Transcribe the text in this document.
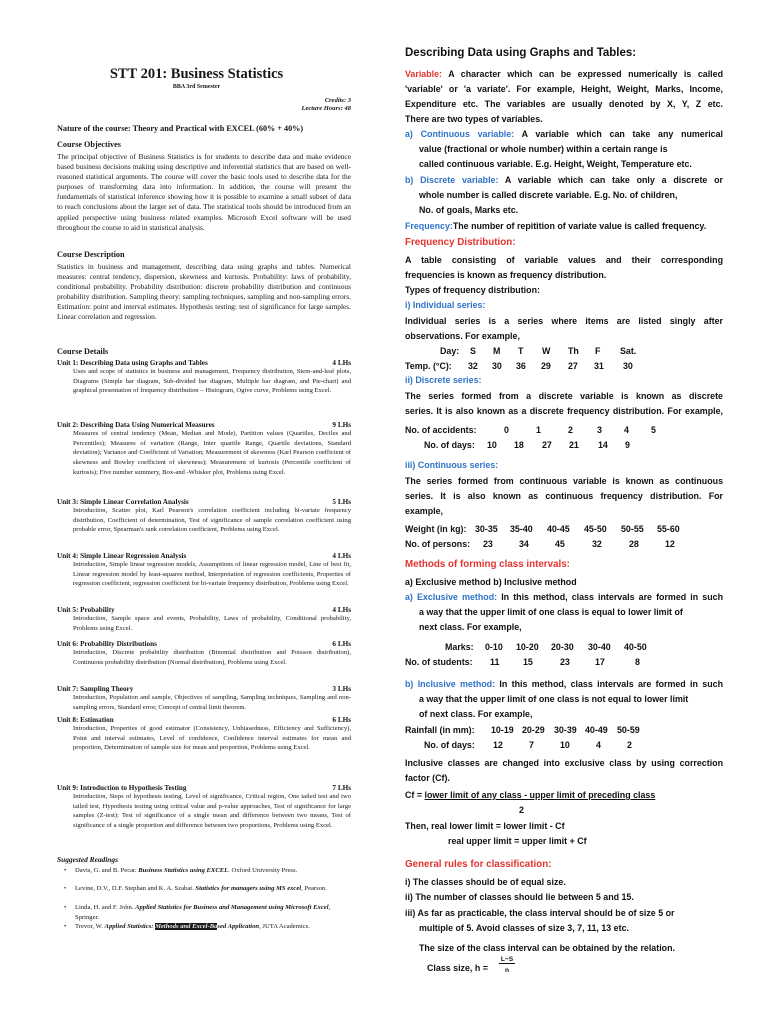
STT 201: Business Statistics
BBA 3rd Semester
Credits: 3
Lecture Hours: 48
Nature of the course: Theory and Practical with EXCEL (60% + 40%)
Course Objectives
The principal objective of Business Statistics is for students to describe data and make evidence based business decisions making using descriptive and inferential statistics that are based on well-reasoned statistical arguments. The course will cover the basic tools used to describe data for the purposes of transforming data into information. In addition, the course will present the fundamentals of statistical inference showing how it is possible to examine a small subset of data to reach conclusions about the larger set of data. The statistical tools should be introduced from an applied perspective using business related examples. Microsoft Excel software will be used throughout the course to aid in statistical analysis.
Course Description
Statistics in business and management, describing data using graphs and tables. Numerical measures: central tendency, dispersion, skewness and kurtosis. Probability: laws of probability, conditional probability. Probability distribution: discrete probability distribution and continuous probability distribution. Sampling theory: sampling techniques, sampling and non-sampling errors. Estimation: point and interval estimates. Hypothesis testing: test of significance for large samples. Linear correlation and regression.
Course Details
Unit 1: Describing Data using Graphs and Tables	4 LHs
Uses and scope of statistics in business and management, Frequency distribution, Stem-and-leaf plots, Diagrams (Simple bar diagram, Sub-divided bar diagram, Multiple bar diagram, and Pie-chart) and graphical presentation of frequency distribution – Histogram, Ogive curve, Problems using Excel.
Unit 2: Describing Data Using Numerical Measures	9 LHs
Measures of central tendency (Mean, Median and Mode), Partition values (Quartiles, Deciles and Percentiles); Measures of variation (Range, Inter quartile Range, Quartile deviations, Standard deviation); Variance and Coefficient of Variation; Measurement of skewness (Karl Pearson coefficient of skewness and Bowley coefficient of skewness); Measurement of kurtosis (Percentile coefficient of kurtosis); Five number summery, Box-and -Whisker plot, Problems using Excel.
Unit 3: Simple Linear Correlation Analysis	5 LHs
Introduction, Scatter plot, Karl Pearson's correlation coefficient including bi-variate frequency distribution, Coefficient of determination, Test of significance of sample correlation coefficient using probable error, Spearman's rank correlation coefficient, Problems using Excel.
Unit 4: Simple Linear Regression Analysis	4 LHs
Introduction, Simple linear regression models, Assumptions of linear regression model, Line of best fit, Linear regression model by least-squares method, Interpretation of regression coefficients, Properties of regression coefficient, regression coefficient for bi-variate frequency distribution, Problems using Excel.
Unit 5: Probability	4 LHs
Introduction, Sample space and events, Probability, Laws of probability, Conditional probability, Problems using Excel.
Unit 6: Probability Distributions	6 LHs
Introduction, Discrete probability distribution (Binomial distribution and Poisson distribution), Continuous probability distribution (Normal distribution), Problems using Excel.
Unit 7: Sampling Theory	3 LHs
Introduction, Population and sample, Objectives of sampling, Sampling techniques, Sampling and non-sampling errors, Standard error, Concept of central limit theorem.
Unit 8: Estimation	6 LHs
Introduction, Properties of good estimator (Consistency, Unbiasedness, Efficiency and Sufficiency), Point and interval estimates, Level of confidence, Confidence interval estimates for mean and proportion, Determination of sample size for mean and proportion, Problems using Excel.
Unit 9: Introduction to Hypothesis Testing	7 LHs
Introduction, Steps of hypothesis testing, Level of significance, Critical region, One tailed test and two tailed test, Hypothesis testing using critical value and p-value approaches, Test of significance for large samples (Z-test): Test of significance of a single mean and difference between two means, Test of significance of a single proportion and difference between two proportions, Problems using Excel.
Suggested Readings
•	Davis, G. and B. Pecar. Business Statistics using EXCEL. Oxford University Press.
•	Levine, D.V., D.F. Stephan and K. A. Szabat. Statistics for managers using MS excel, Pearson.
•	Linda, H. and F. John. Applied Statistics for Business and Management using Microsoft Excel, Springer.
•	Trevor, W. Applied Statistics: Methods and Excel-Based Application, JUTA Academics.
Describing Data using Graphs and Tables:
Variable: A character which can be expressed numerically is called
'variable' or 'a variate'. For example, Height, Weight, Marks, Income,
Expenditure etc. The variables are usually denoted by X, Y, Z etc.
There are two types of variables.
a) Continuous variable: A variable which can take any numerical
value (fractional or whole number) within a certain range is
called continuous variable. E.g. Height, Weight, Temperature etc.
b) Discrete variable: A variable which can take only a discrete or
whole number is called discrete variable. E.g. No. of children,
No. of goals, Marks etc.
Frequency:The number of repitition of variate value is called frequency.
Frequency Distribution:
A table consisting of variable values and their corresponding
frequencies is known as frequency distribution.
Types of frequency distribution:
i) Individual series:
Individual series is a series where items are listed singly after
observations. For example,
Day: S M T W Th F Sat.
Temp. (°C): 32 30 36 29 27 31 30
ii) Discrete series:
The series formed from a discrete variable is known as discrete
series. It is also known as a discrete frequency distribution. For example,
No. of accidents:	0	1	2	3 4 5
No. of days: 10 18 27 21 14 9
iii) Continuous series:
The series formed from continuous variable is known as continuous
series. It is also known as continuous frequency distribution. For
example,
Weight (in kg): 30-35 35-40 40-45 45-50 50-55 55-60
No. of persons: 23	34	45	32	28	12
Methods of forming class intervals:
a) Exclusive method b) Inclusive method
a) Exclusive method: In this method, class intervals are formed in such
a way that the upper limit of one class is equal to lower limit of
next class. For example,
Marks: 0-10 10-20 20-30 30-40 40-50
No. of students: 11	15	23	17	8
b) Inclusive method: In this method, class intervals are formed in such
a way that the upper limit of one class is not equal to lower limit
of next class. For example,
Rainfall (in mm): 10-19 20-29 30-39 40-49 50-59
No. of days: 12	7	10	4	2
Inclusive classes are changed into exclusive class by using correction
factor (Cf).
Cf = lower limit of any class - upper limit of preceding class
2
Then, real lower limit = lower limit - Cf
real upper limit = upper limit + Cf
General rules for classification:
i) The classes should be of equal size.
ii) The number of classes should lie between 5 and 15.
iii) As far as practicable, the class interval should be of size 5 or
multiple of 5. Avoid classes of size 3, 7, 11, 13 etc.
The size of the class interval can be obtained by the relation.
Class size, h =
L−S
n
